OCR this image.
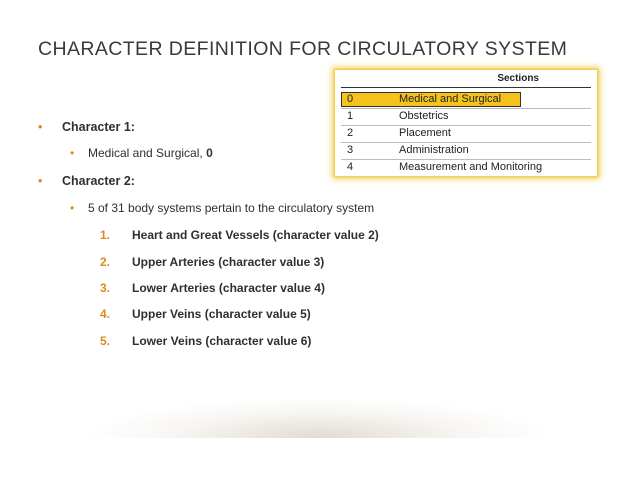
CHARACTER DEFINITION FOR CIRCULATORY SYSTEM
• Character 1:
• Medical and Surgical, 0
• Character 2:
• 5 of 31 body systems pertain to the circulatory system
1. Heart and Great Vessels (character value 2)
2. Upper Arteries (character value 3)
3. Lower Arteries (character value 4)
4. Upper Veins (character value 5)
5. Lower Veins (character value 6)
Sections
0	Medical and Surgical
1	Obstetrics
2	Placement
3	Administration
4	Measurement and Monitoring
